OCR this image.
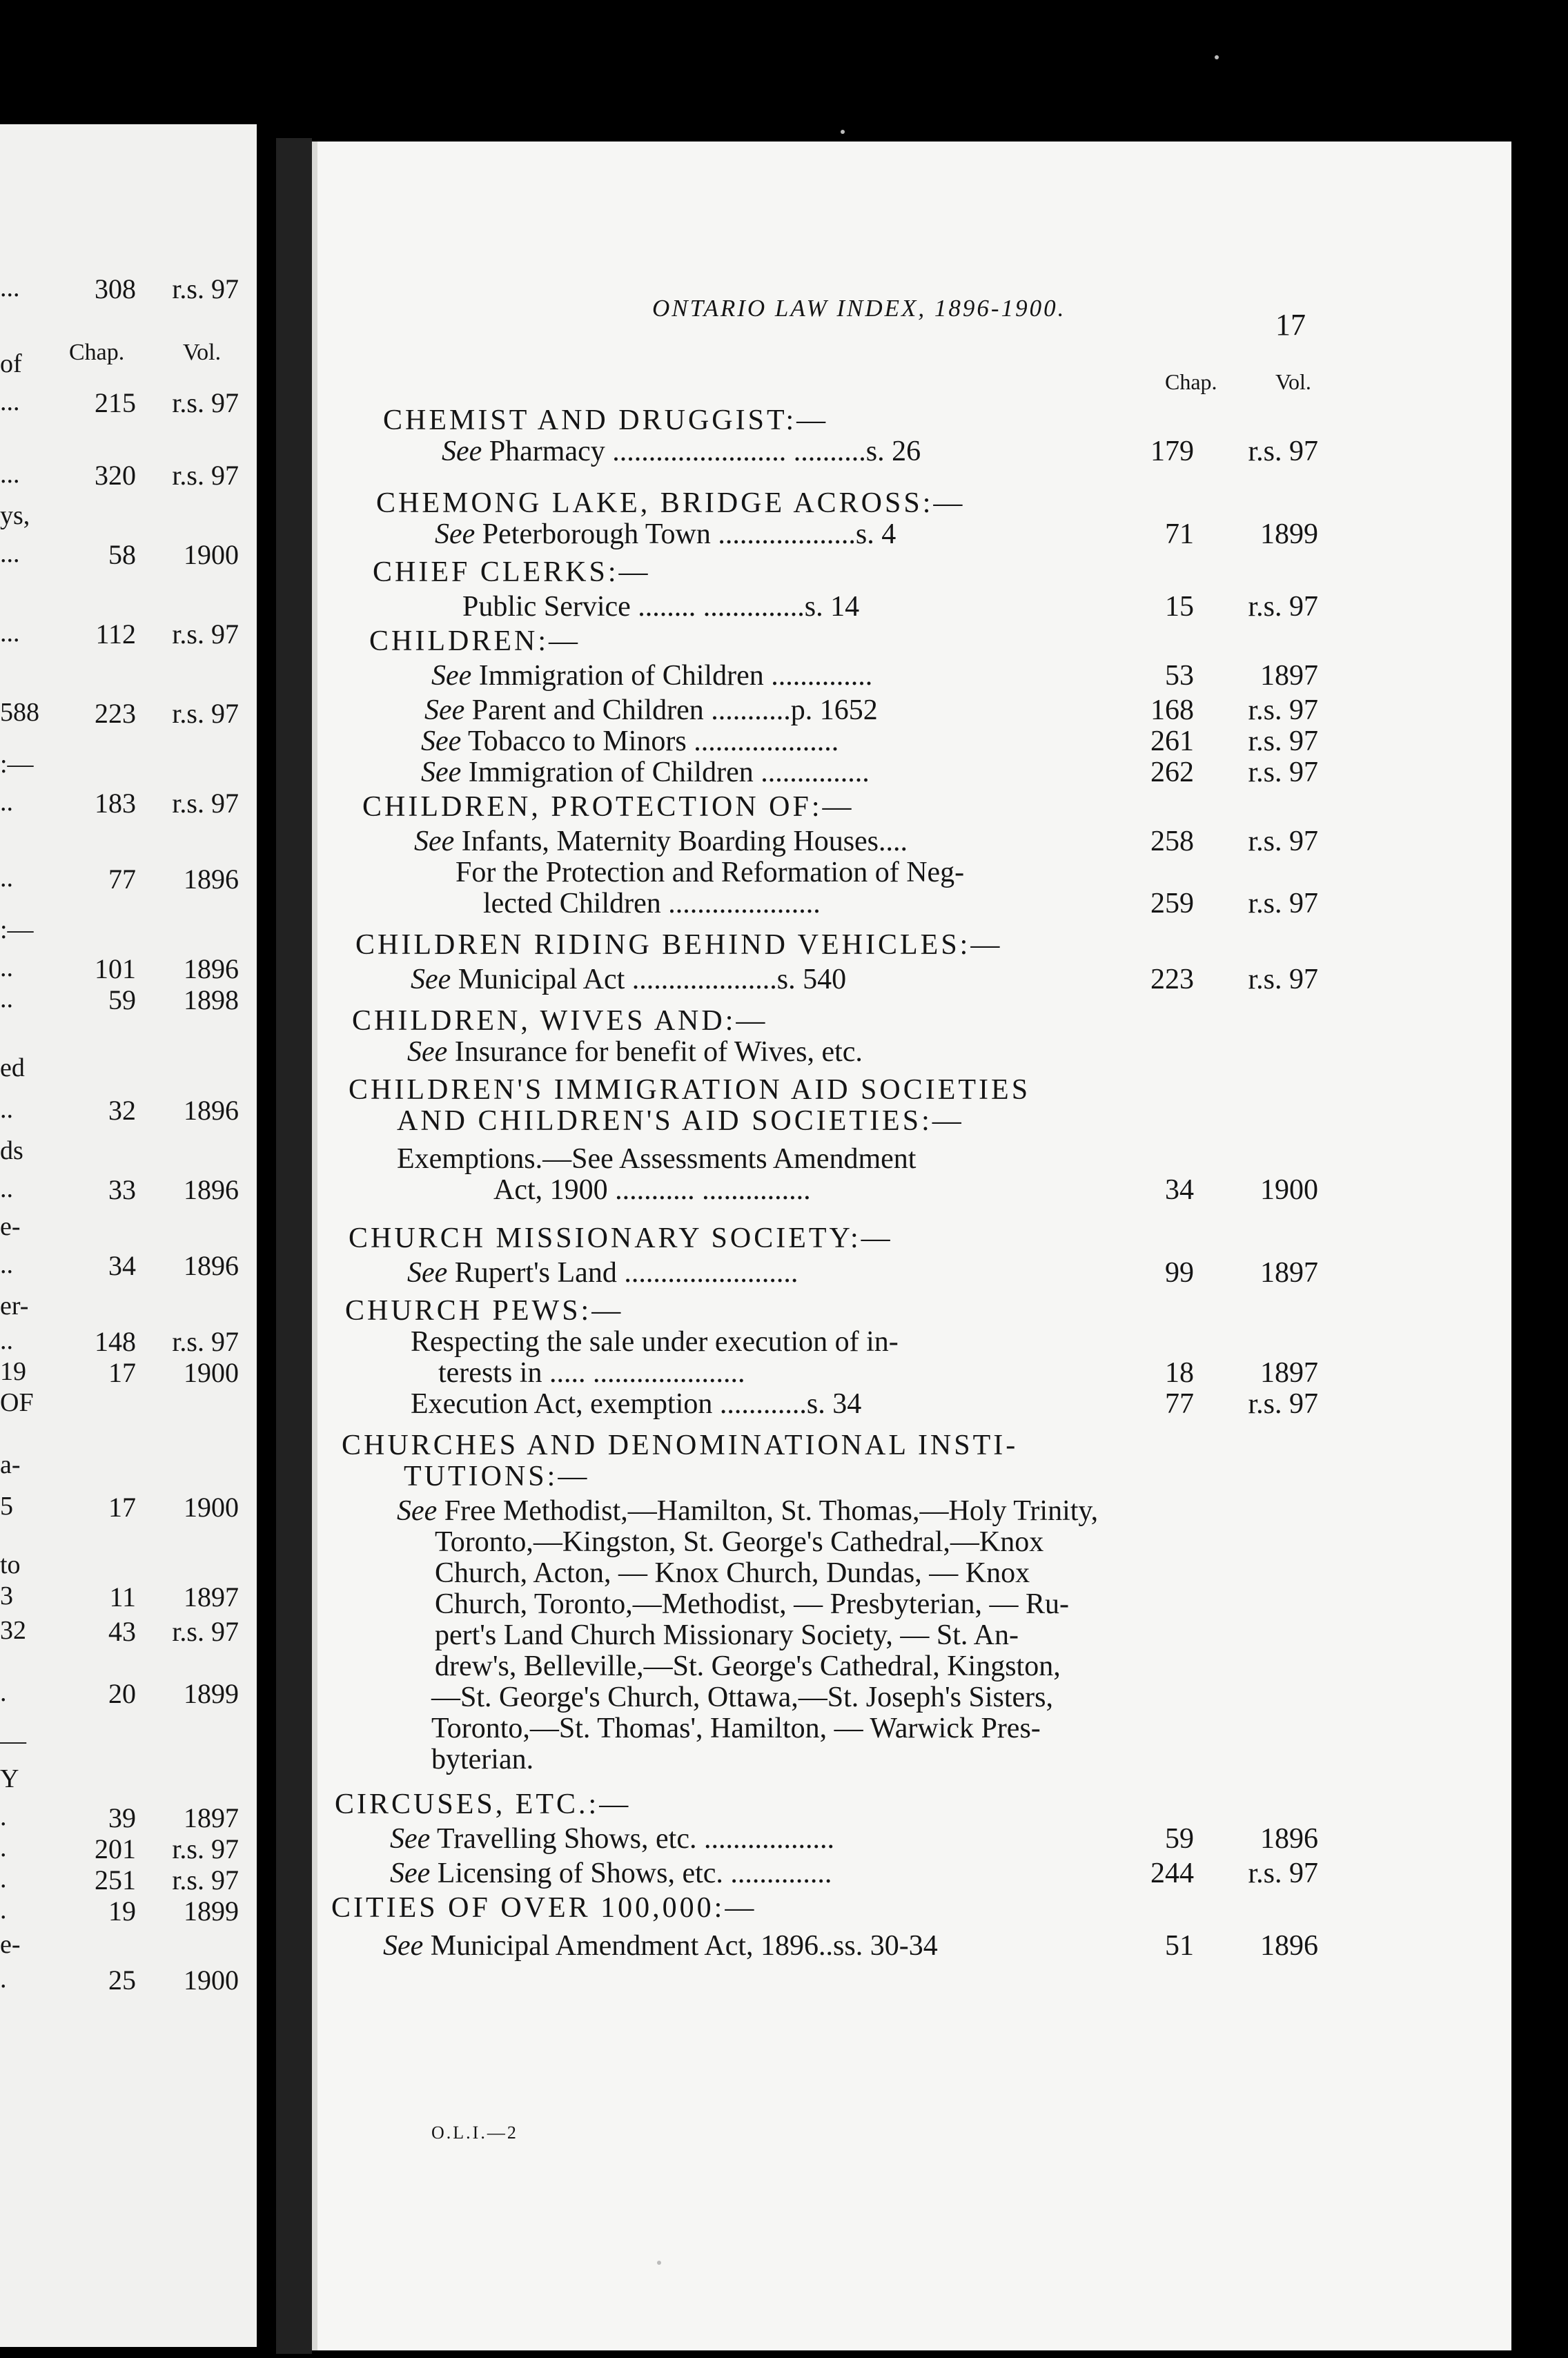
Chap. Vol.
...	308	r.s. 97
of
...	215	r.s. 97
...	320	r.s. 97
ys,
...	58	1900
...	112	r.s. 97
588	223	r.s. 97
:—
..	183	r.s. 97
..	77	1896
:—
..	101	1896
..	59	1898
ed
..	32	1896
ds
..	33	1896
e-
..	34	1896
er-
..	148	r.s. 97
19	17	1900
OF
a-
5	17	1900
to
3	11	1897
32	43	r.s. 97
.	20	1899
—
Y
.	39	1897
.	201	r.s. 97
.	251	r.s. 97
.	19	1899
e-
.	25	1900
ONTARIO LAW INDEX, 1896-1900.	17
Chap.	Vol.
CHEMIST AND DRUGGIST:—
See Pharmacy ........................ ..........s. 26	179	r.s. 97
CHEMONG LAKE, BRIDGE ACROSS:—
See Peterborough Town ...................s. 4	71	1899
CHIEF CLERKS:—
Public Service ........ ..............s. 14	15	r.s. 97
CHILDREN:—
See Immigration of Children ..............	53	1897
See Parent and Children ...........p. 1652	168	r.s. 97
See Tobacco to Minors ....................	261	r.s. 97
See Immigration of Children ...............	262	r.s. 97
CHILDREN, PROTECTION OF:—
See Infants, Maternity Boarding Houses....	258	r.s. 97
For the Protection and Reformation of Neg-
lected Children .....................	259	r.s. 97
CHILDREN RIDING BEHIND VEHICLES:—
See Municipal Act ....................s. 540	223	r.s. 97
CHILDREN, WIVES AND:—
See Insurance for benefit of Wives, etc.
CHILDREN'S IMMIGRATION AID SOCIETIES
AND CHILDREN'S AID SOCIETIES:—
Exemptions.—See Assessments Amendment
Act, 1900 ........... ...............	34	1900
CHURCH MISSIONARY SOCIETY:—
See Rupert's Land ........................	99	1897
CHURCH PEWS:—
Respecting the sale under execution of in-
terests in ..... .....................	18	1897
Execution Act, exemption ............s. 34	77	r.s. 97
CHURCHES AND DENOMINATIONAL INSTI-
TUTIONS:—
See Free Methodist,—Hamilton, St. Thomas,—Holy Trinity,
Toronto,—Kingston, St. George's Cathedral,—Knox
Church, Acton, — Knox Church, Dundas, — Knox
Church, Toronto,—Methodist, — Presbyterian, — Ru-
pert's Land Church Missionary Society, — St. An-
drew's, Belleville,—St. George's Cathedral, Kingston,
—St. George's Church, Ottawa,—St. Joseph's Sisters,
Toronto,—St. Thomas', Hamilton, — Warwick Pres-
byterian.
CIRCUSES, ETC.:—
See Travelling Shows, etc. ..................	59	1896
See Licensing of Shows, etc. ..............	244	r.s. 97
CITIES OF OVER 100,000:—
See Municipal Amendment Act, 1896..ss. 30-34	51	1896
O.L.I.—2
